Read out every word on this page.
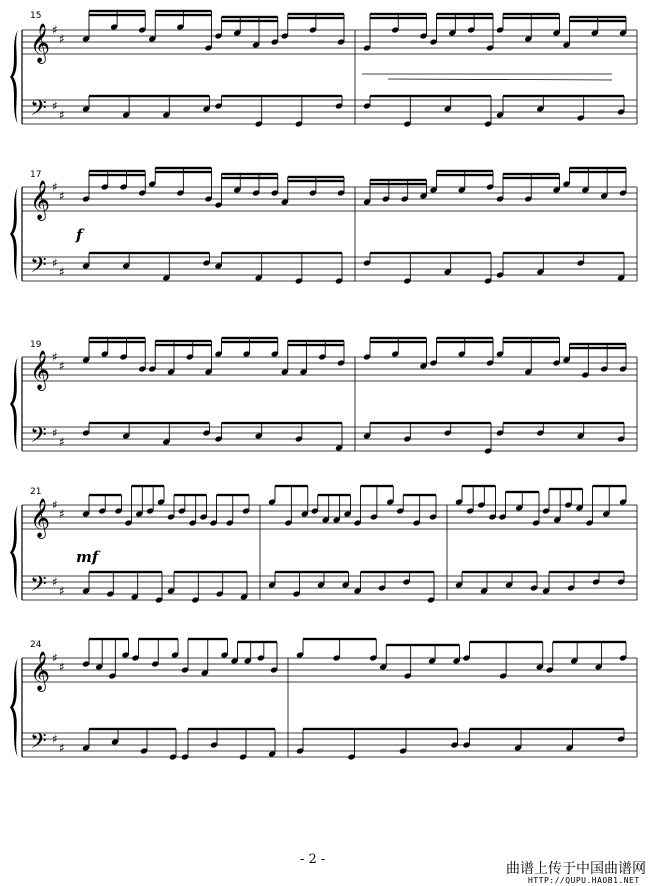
𝄞
𝄢
♯
♯
♯
♯
𝄞
𝄢
♯
♯
♯
♯
𝄞
𝄢
♯
♯
♯
♯
𝄞
𝄢
♯
♯
♯
♯
𝄞
𝄢
♯
♯
♯
♯
15
17
19
21
24
f
mf
- 2 -
曲谱上传于中国曲谱网
HTTP://QUPU.HAOB1.NET
